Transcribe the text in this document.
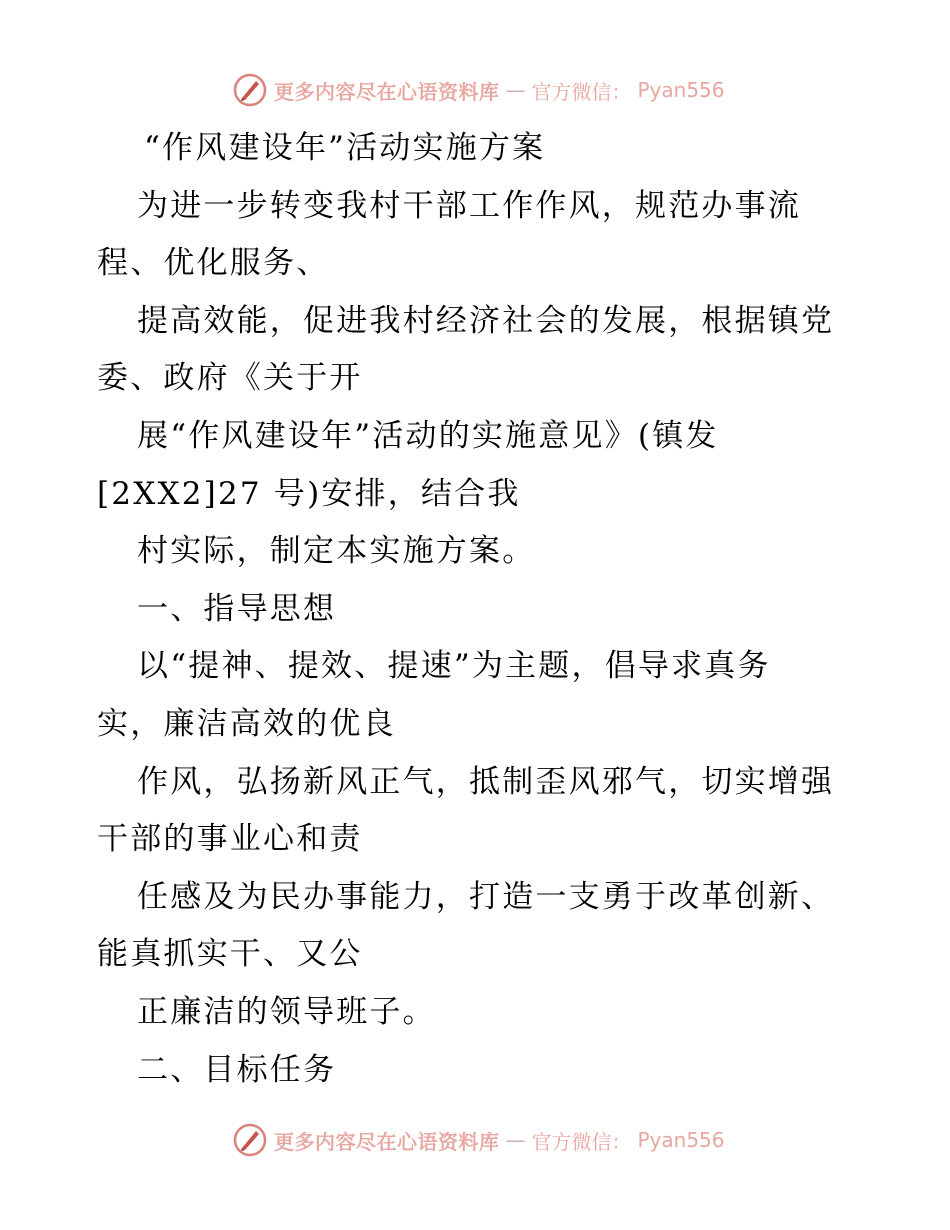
更多内容尽在心语资料库 — 官方微信： Pyan556
“作风建设年”活动实施方案
为进一步转变我村干部工作作风，规范办事流
程、优化服务、
提高效能，促进我村经济社会的发展，根据镇党
委、政府《关于开
展“作风建设年”活动的实施意见》(镇发
[2XX2]27 号)安排，结合我
村实际，制定本实施方案。
一、指导思想
以“提神、提效、提速”为主题，倡导求真务
实，廉洁高效的优良
作风，弘扬新风正气，抵制歪风邪气，切实增强
干部的事业心和责
任感及为民办事能力，打造一支勇于改革创新、
能真抓实干、又公
正廉洁的领导班子。
二、目标任务
更多内容尽在心语资料库 — 官方微信： Pyan556
